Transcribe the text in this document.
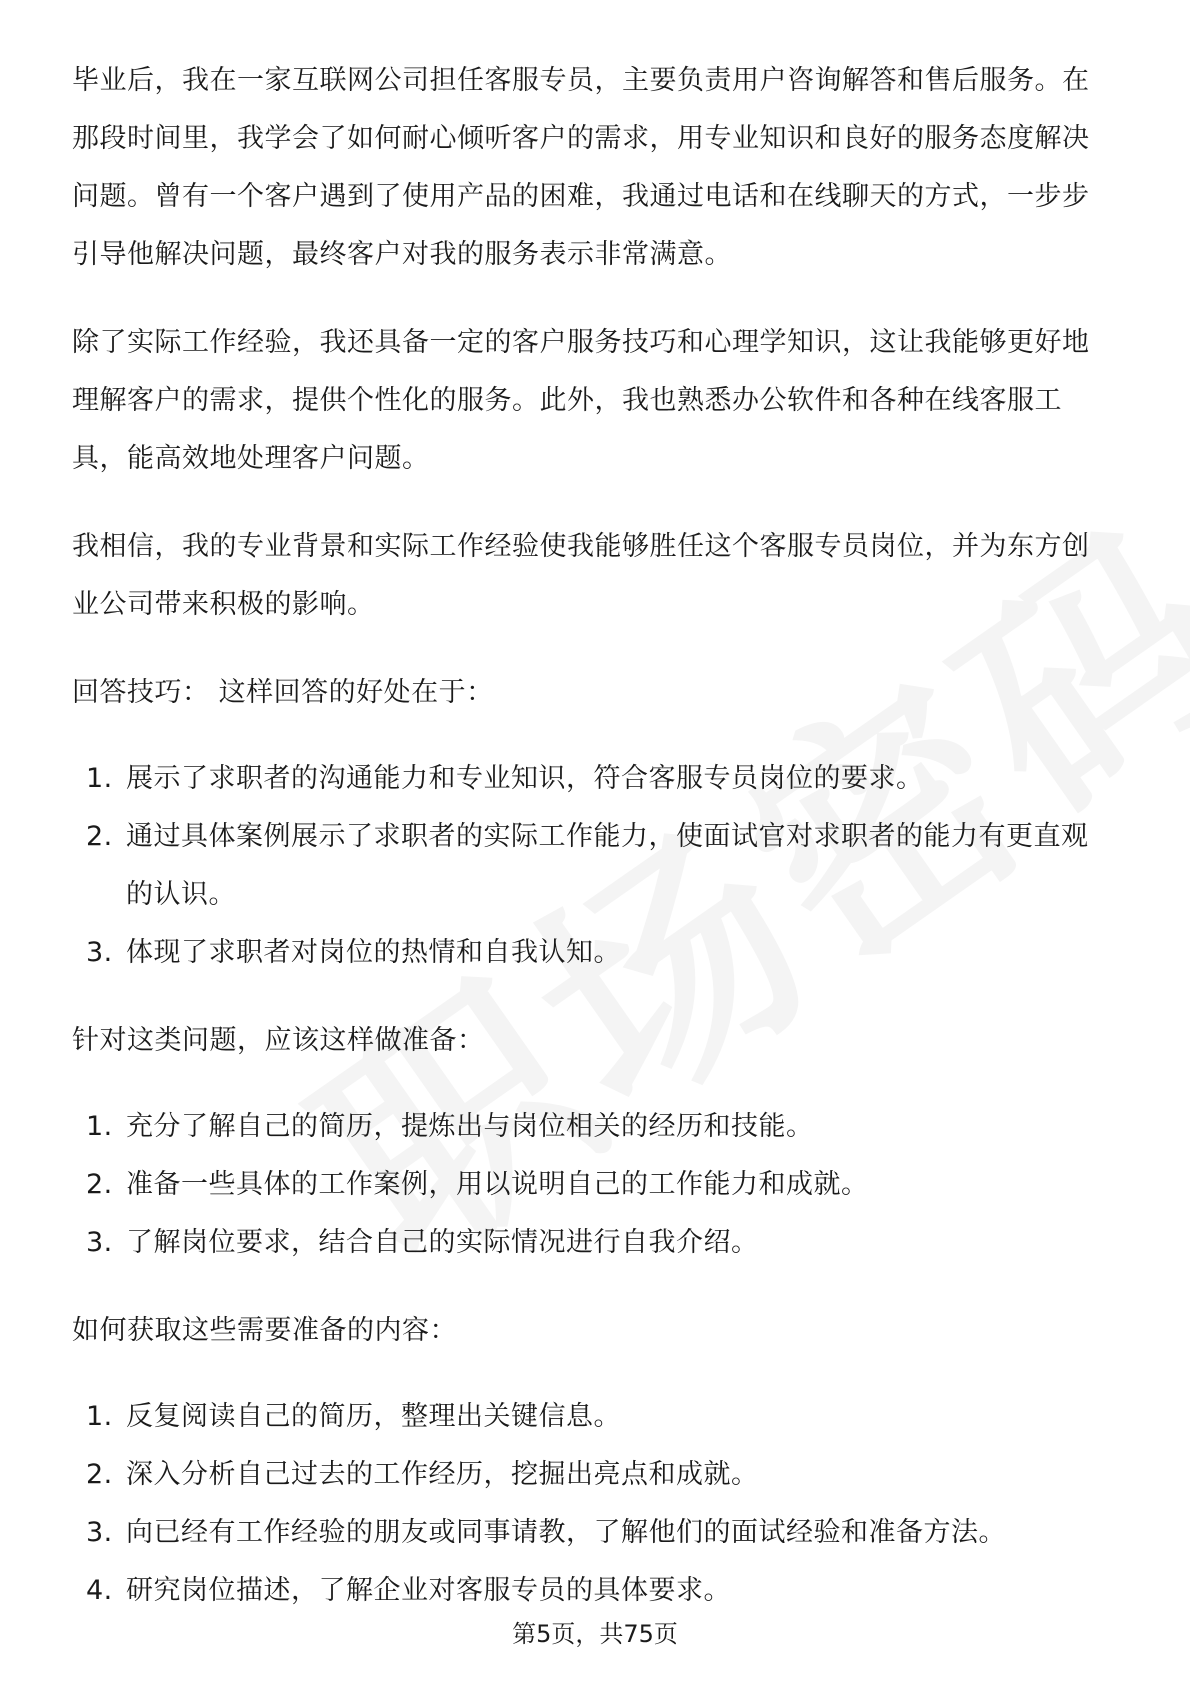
毕业后，我在一家互联网公司担任客服专员，主要负责用户咨询解答和售后服务。在那段时间里，我学会了如何耐心倾听客户的需求，用专业知识和良好的服务态度解决问题。曾有一个客户遇到了使用产品的困难，我通过电话和在线聊天的方式，一步步引导他解决问题，最终客户对我的服务表示非常满意。

除了实际工作经验，我还具备一定的客户服务技巧和心理学知识，这让我能够更好地理解客户的需求，提供个性化的服务。此外，我也熟悉办公软件和各种在线客服工具，能高效地处理客户问题。

我相信，我的专业背景和实际工作经验使我能够胜任这个客服专员岗位，并为东方创业公司带来积极的影响。

回答技巧： 这样回答的好处在于：

1. 展示了求职者的沟通能力和专业知识，符合客服专员岗位的要求。
2. 通过具体案例展示了求职者的实际工作能力，使面试官对求职者的能力有更直观的认识。
3. 体现了求职者对岗位的热情和自我认知。

针对这类问题，应该这样做准备：

1. 充分了解自己的简历，提炼出与岗位相关的经历和技能。
2. 准备一些具体的工作案例，用以说明自己的工作能力和成就。
3. 了解岗位要求，结合自己的实际情况进行自我介绍。

如何获取这些需要准备的内容：

1. 反复阅读自己的简历，整理出关键信息。
2. 深入分析自己过去的工作经历，挖掘出亮点和成就。
3. 向已经有工作经验的朋友或同事请教，了解他们的面试经验和准备方法。
4. 研究岗位描述，了解企业对客服专员的具体要求。
第5页，共75页
